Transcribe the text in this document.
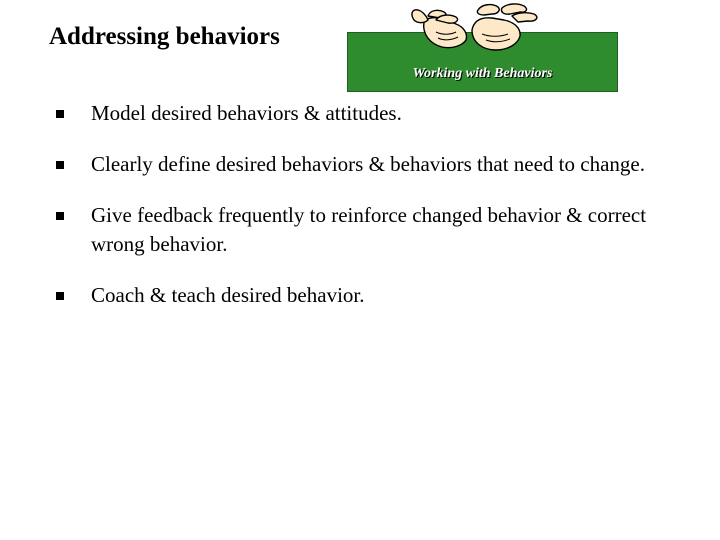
Addressing behaviors
Working with Behaviors
Model desired behaviors & attitudes.
Clearly define desired behaviors & behaviors that need to change.
Give feedback frequently to reinforce changed behavior & correct wrong behavior.
Coach & teach desired behavior.
